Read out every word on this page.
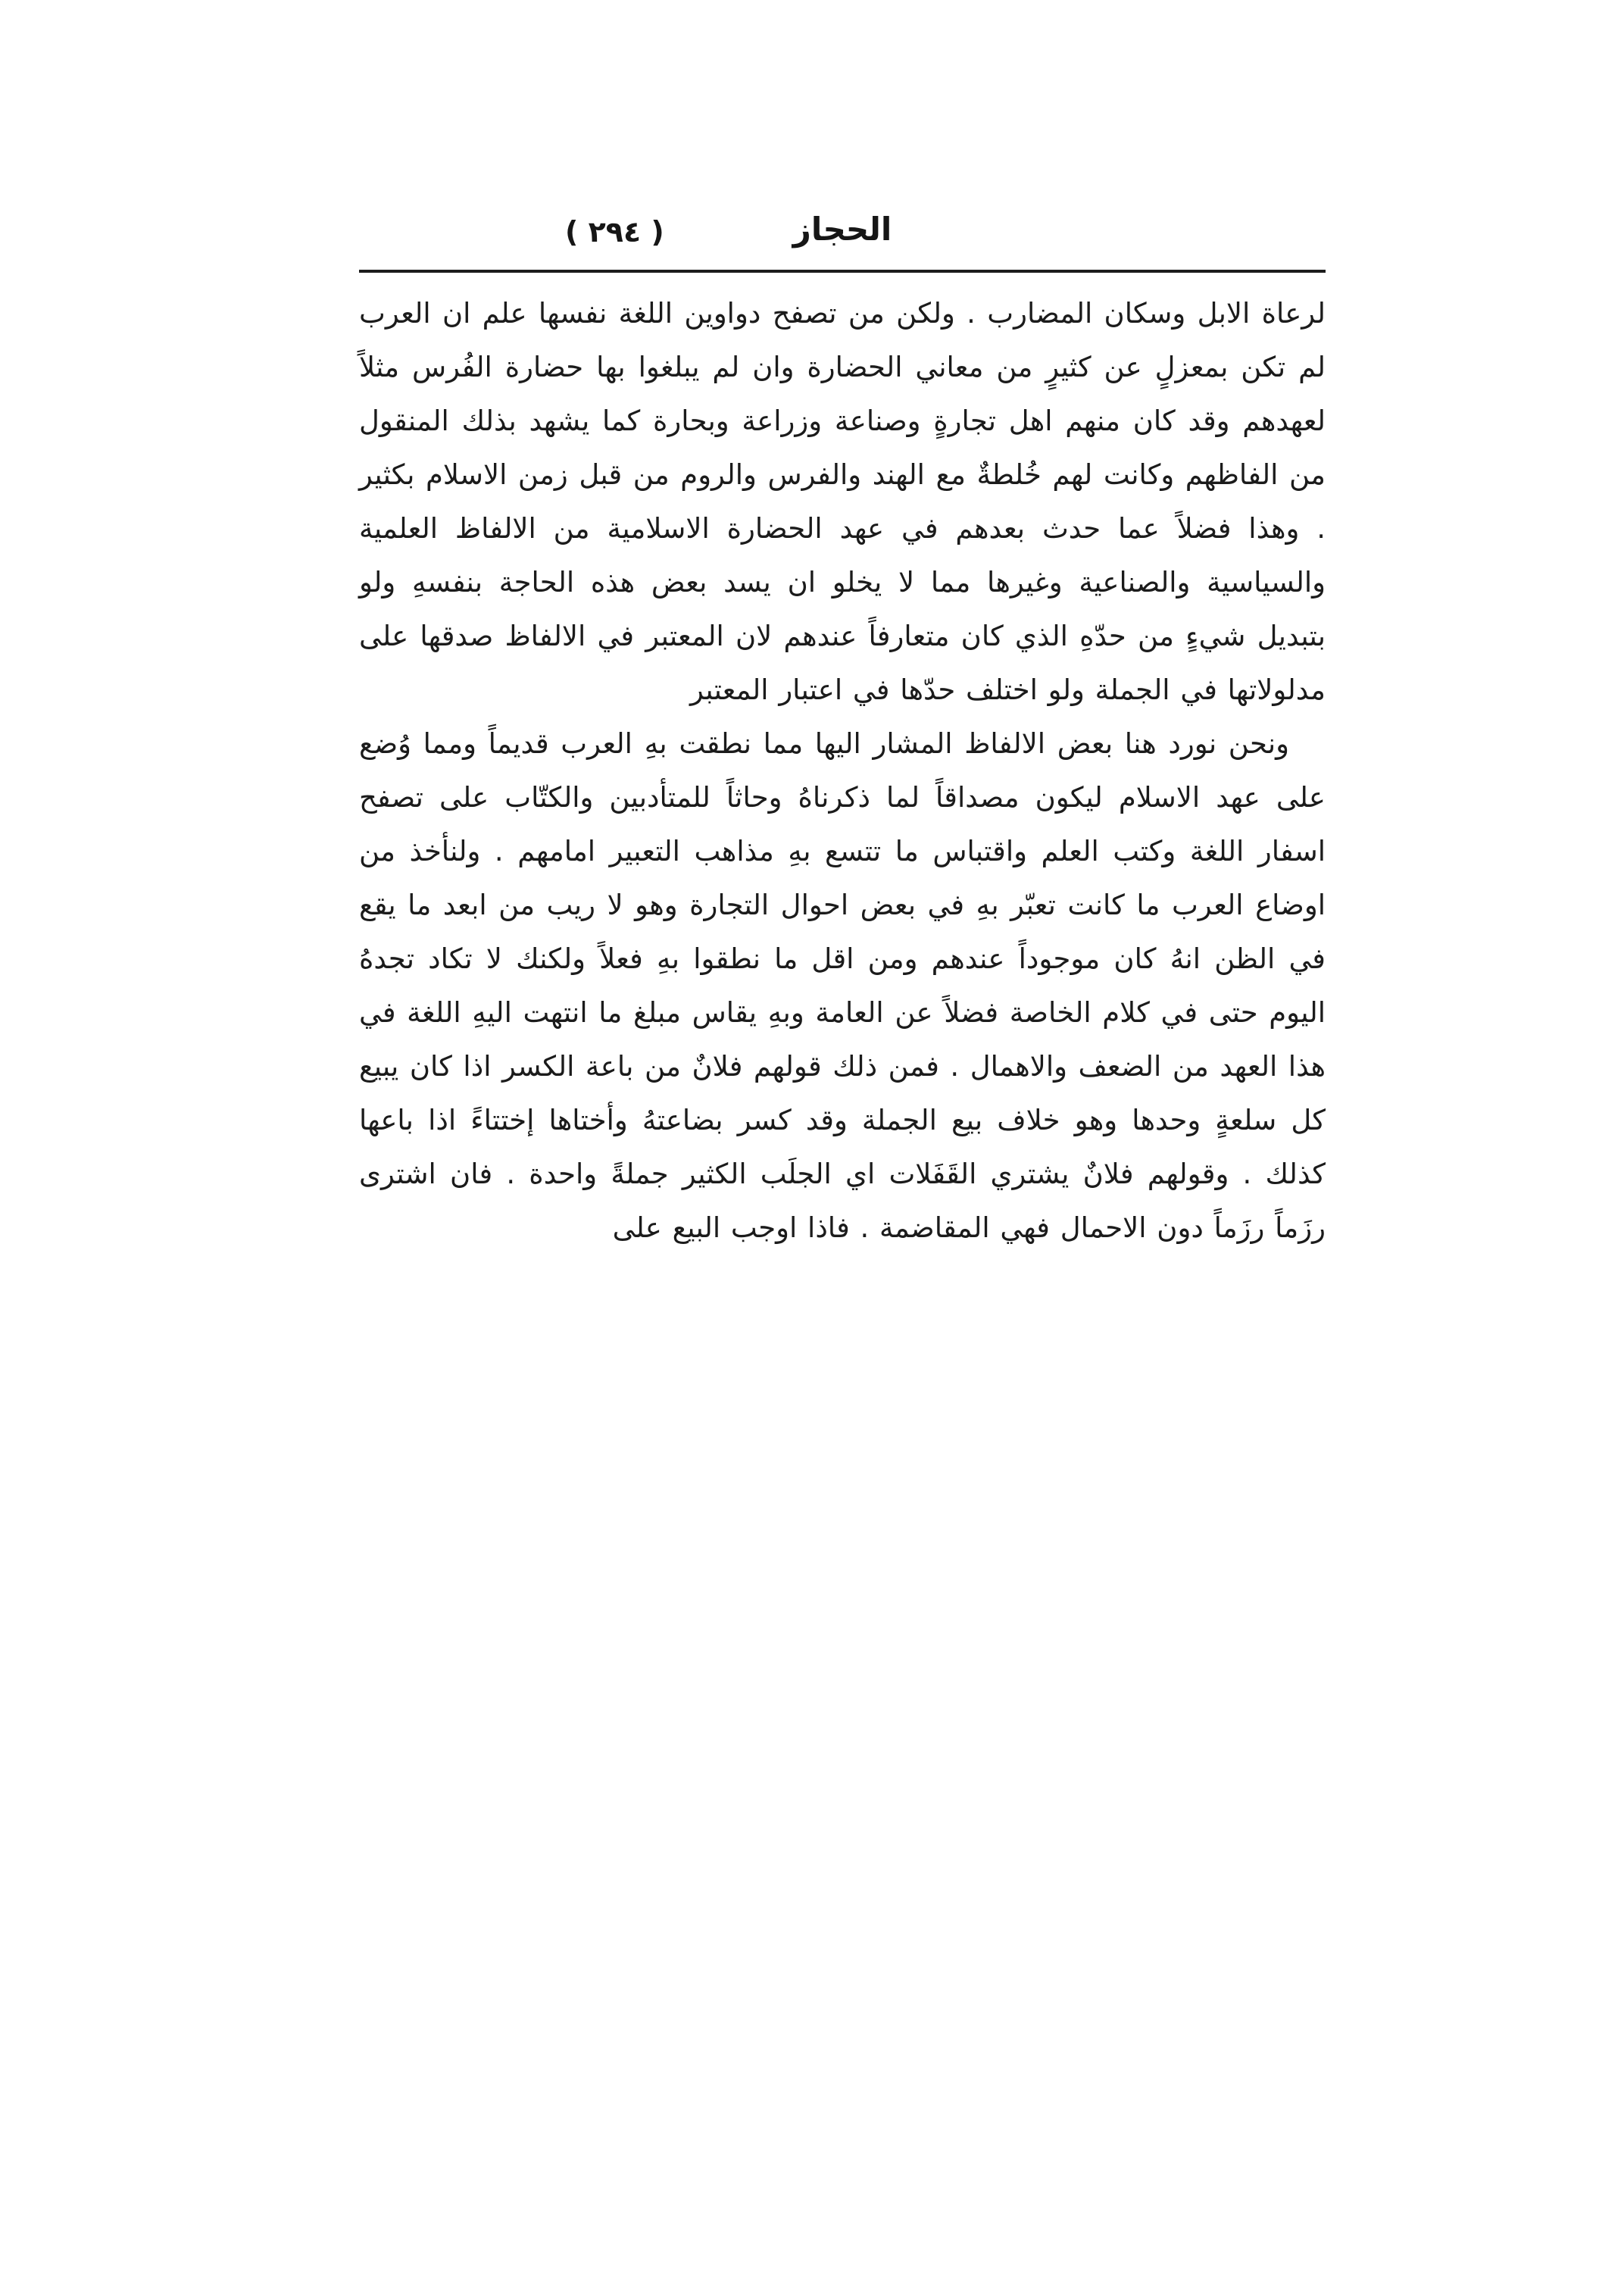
( ٢٩٤ )	الحجاز

لرعاة الابل وسكان المضارب . ولكن من تصفح دواوين اللغة نفسها علم ان العرب لم تكن بمعزلٍ عن كثيرٍ من معاني الحضارة وان لم يبلغوا بها حضارة الفُرس مثلاً لعهدهم وقد كان منهم اهل تجارةٍ وصناعة وزراعة وبحارة كما يشهد بذلك المنقول من الفاظهم وكانت لهم خُلطةٌ مع الهند والفرس والروم من قبل زمن الاسلام بكثير . وهذا فضلاً عما حدث بعدهم في عهد الحضارة الاسلامية من الالفاظ العلمية والسياسية والصناعية وغيرها مما لا يخلو ان يسد بعض هذه الحاجة بنفسهِ ولو بتبديل شيءٍ من حدّهِ الذي كان متعارفاً عندهم لان المعتبر في الالفاظ صدقها على مدلولاتها في الجملة ولو اختلف حدّها في اعتبار المعتبر

ونحن نورد هنا بعض الالفاظ المشار اليها مما نطقت بهِ العرب قديماً ومما وُضع على عهد الاسلام ليكون مصداقاً لما ذكرناهُ وحاثاً للمتأدبين والكتّاب على تصفح اسفار اللغة وكتب العلم واقتباس ما تتسع بهِ مذاهب التعبير امامهم . ولنأخذ من اوضاع العرب ما كانت تعبّر بهِ في بعض احوال التجارة وهو لا ريب من ابعد ما يقع في الظن انهُ كان موجوداً عندهم ومن اقل ما نطقوا بهِ فعلاً ولكنك لا تكاد تجدهُ اليوم حتى في كلام الخاصة فضلاً عن العامة وبهِ يقاس مبلغ ما انتهت اليهِ اللغة في هذا العهد من الضعف والاهمال . فمن ذلك قولهم فلانٌ من باعة الكسر اذا كان يبيع كل سلعةٍ وحدها وهو خلاف بيع الجملة وقد كسر بضاعتهُ وأختاها إختتاءً اذا باعها كذلك . وقولهم فلانٌ يشتري القَفَلات اي الجلَب الكثير جملةً واحدة . فان اشترى رزَماً رزَماً دون الاحمال فهي المقاضمة . فاذا اوجب البيع على
